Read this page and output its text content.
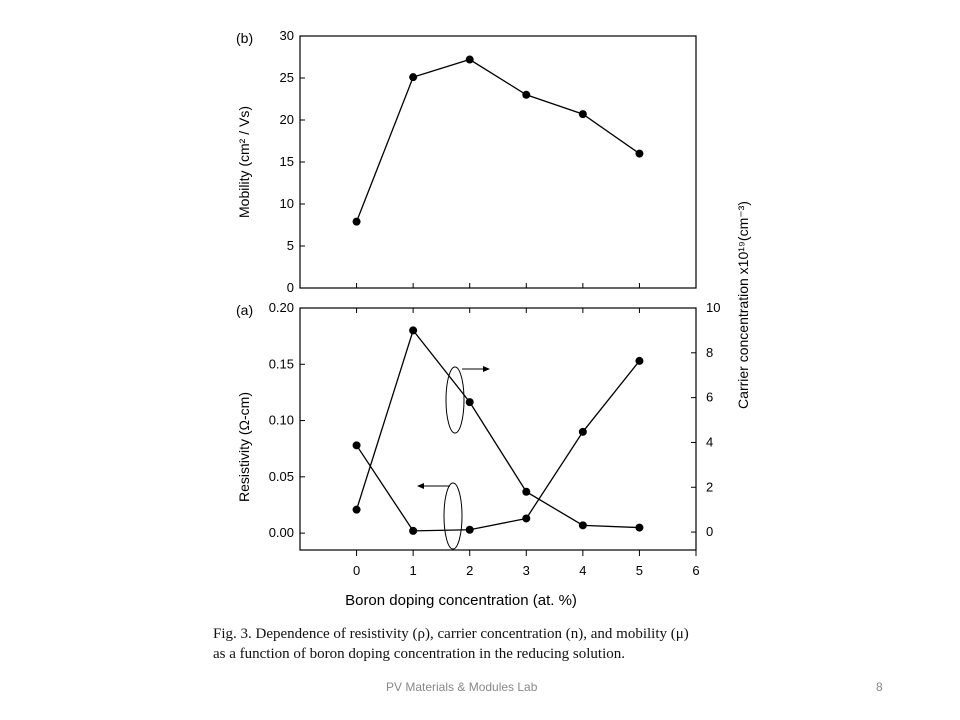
(b)
Mobility (cm² / Vs)
0
5
10
15
20
25
30
(a)
Resistivity (Ω-cm)
Carrier concentration x10¹⁹(cm⁻³)
Boron doping concentration (at. %)
0.00
0.05
0.10
0.15
0.20
0
2
4
6
8
10
0	1	2	3	4	5	6

Fig. 3. Dependence of resistivity (ρ), carrier concentration (n), and mobility (μ)
as a function of boron doping concentration in the reducing solution.

PV Materials & Modules Lab	8
